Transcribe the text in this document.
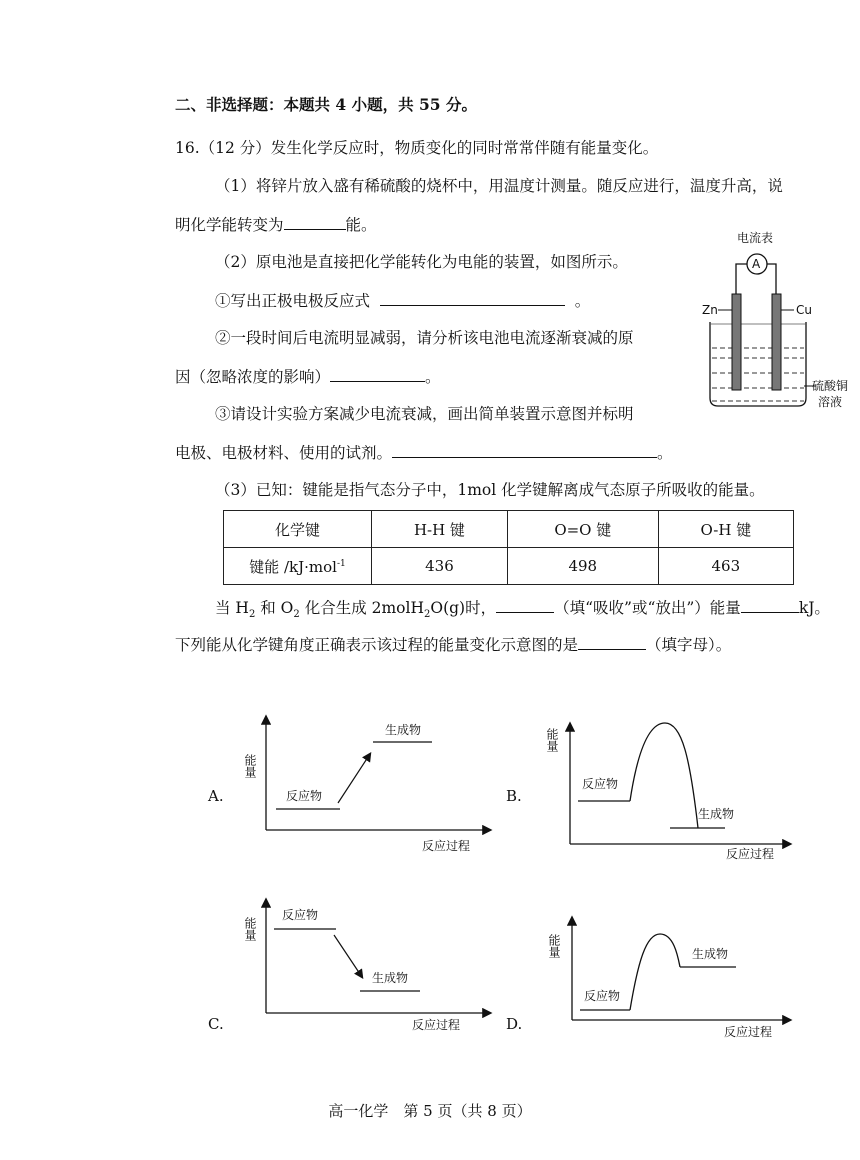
二、非选择题：本题共 4 小题，共 55 分。
16.（12 分）发生化学反应时，物质变化的同时常常伴随有能量变化。
（1）将锌片放入盛有稀硫酸的烧杯中，用温度计测量。随反应进行，温度升高，说
明化学能转变为	能。
（2）原电池是直接把化学能转化为电能的装置，如图所示。
①写出正极电极反应式	。
②一段时间后电流明显减弱，请分析该电池电流逐渐衰减的原
因（忽略浓度的影响）	。
③请设计实验方案减少电流衰减，画出简单装置示意图并标明
电极、电极材料、使用的试剂。	。
电流表
A
Zn	Cu
硫酸铜
溶液
（3）已知：键能是指气态分子中，1mol 化学键解离成气态原子所吸收的能量。
化学键	H-H 键	O=O 键	O-H 键
键能 /kJ·mol$^{-1}$	436	498	463
当 $H_2$ 和 $O_2$ 化合生成 2molH$_2$O(g)时，	（填“吸收”或“放出”）能量	kJ。
下列能从化学键角度正确表示该过程的能量变化示意图的是	（填字母）。
A.
能量
反应过程
反应物
生成物
B.
能量
反应过程
反应物
生成物
C.
能量
反应过程
反应物
生成物
D.
能量
反应过程
反应物
生成物
高一化学　第 5 页（共 8 页）
